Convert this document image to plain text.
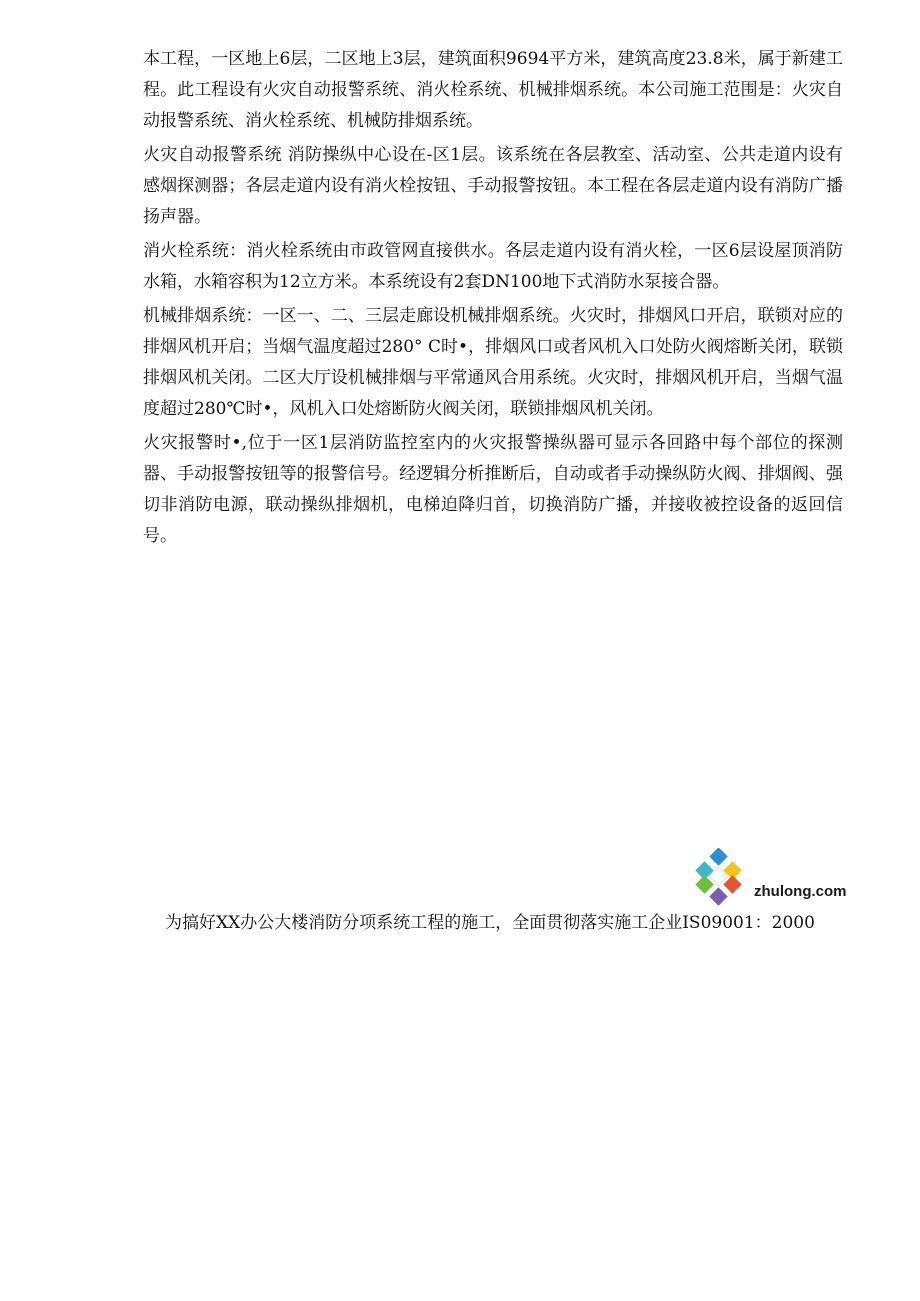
本工程，一区地上6层，二区地上3层，建筑面积9694平方米，建筑高度23.8米，属于新建工程。此工程设有火灾自动报警系统、消火栓系统、机械排烟系统。本公司施工范围是：火灾自动报警系统、消火栓系统、机械防排烟系统。

火灾自动报警系统 消防操纵中心设在-区1层。该系统在各层教室、活动室、公共走道内设有感烟探测器；各层走道内设有消火栓按钮、手动报警按钮。本工程在各层走道内设有消防广播扬声器。

消火栓系统：消火栓系统由市政管网直接供水。各层走道内设有消火栓，一区6层设屋顶消防水箱，水箱容积为12立方米。本系统设有2套DN100地下式消防水泵接合器。

机械排烟系统：一区一、二、三层走廊设机械排烟系统。火灾时，排烟风口开启，联锁对应的排烟风机开启；当烟气温度超过280° C时•，排烟风口或者风机入口处防火阀熔断关闭，联锁排烟风机关闭。二区大厅设机械排烟与平常通风合用系统。火灾时，排烟风机开启，当烟气温度超过280℃时•，风机入口处熔断防火阀关闭，联锁排烟风机关闭。

火灾报警时•,位于一区1层消防监控室内的火灾报警操纵器可显示各回路中每个部位的探测器、手动报警按钮等的报警信号。经逻辑分析推断后，自动或者手动操纵防火阀、排烟阀、强切非消防电源，联动操纵排烟机，电梯迫降归首，切换消防广播，并接收被控设备的返回信号。

zhulong.com
为搞好XX办公大楼消防分项系统工程的施工，全面贯彻落实施工企业IS09001：2000
